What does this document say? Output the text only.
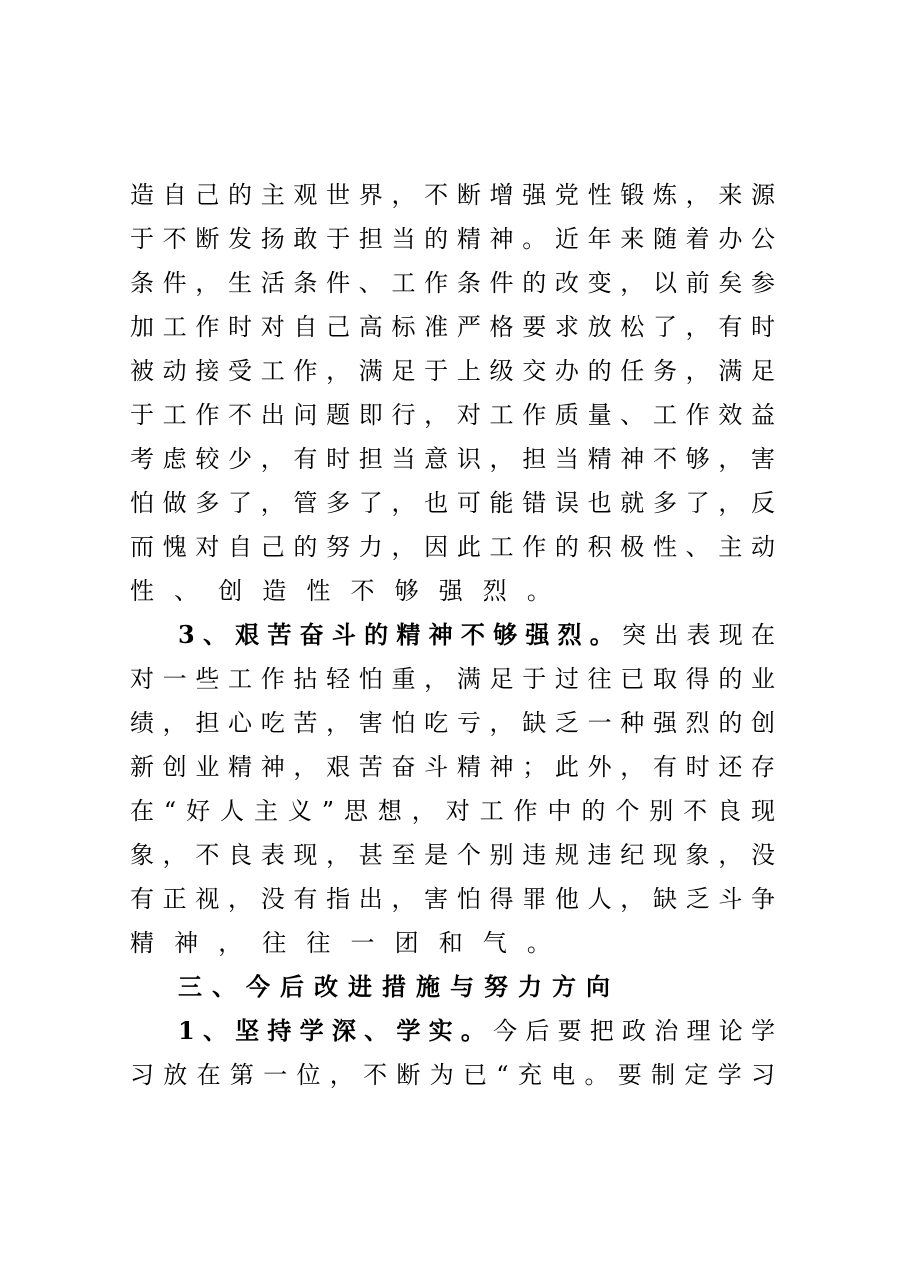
造自己的主观世界，不断增强党性锻炼，来源
于不断发扬敢于担当的精神。近年来随着办公
条件，生活条件、工作条件的改变，以前矣参
加工作时对自己高标准严格要求放松了，有时
被动接受工作，满足于上级交办的任务，满足
于工作不出问题即行，对工作质量、工作效益
考虑较少，有时担当意识，担当精神不够，害
怕做多了，管多了，也可能错误也就多了，反
而愧对自己的努力，因此工作的积极性、主动
性、创造性不够强烈。
3、艰苦奋斗的精神不够强烈。突出表现在
对一些工作拈轻怕重，满足于过往已取得的业
绩，担心吃苦，害怕吃亏，缺乏一种强烈的创
新创业精神，艰苦奋斗精神；此外，有时还存
在“好人主义”思想，对工作中的个别不良现
象，不良表现，甚至是个别违规违纪现象，没
有正视，没有指出，害怕得罪他人，缺乏斗争
精神，往往一团和气。
三、今后改进措施与努力方向
1、坚持学深、学实。今后要把政治理论学
习放在第一位，不断为已“充电。要制定学习
